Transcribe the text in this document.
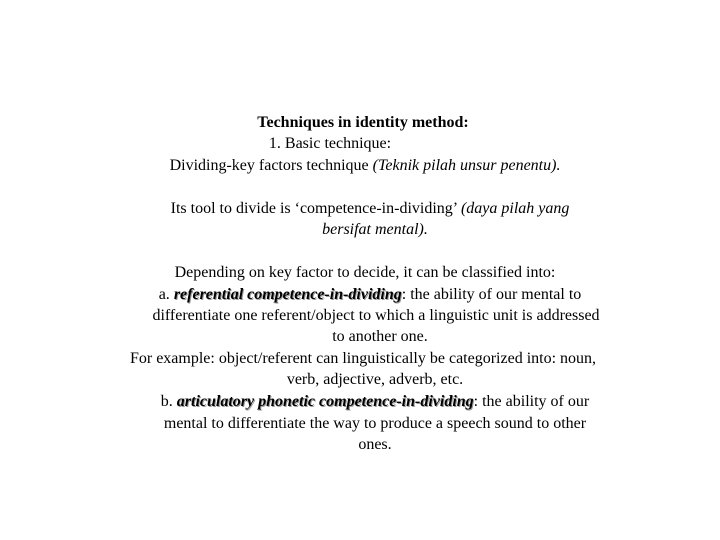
Techniques in identity method:
1. Basic technique:
Dividing-key factors technique (Teknik pilah unsur penentu).
Its tool to divide is ‘competence-in-dividing’ (daya pilah yang
bersifat mental).
Depending on key factor to decide, it can be classified into:
a. referential competence-in-dividing: the ability of our mental to
differentiate one referent/object to which a linguistic unit is addressed
to another one.
For example: object/referent can linguistically be categorized into: noun,
verb, adjective, adverb, etc.
b. articulatory phonetic competence-in-dividing: the ability of our
mental to differentiate the way to produce a speech sound to other
ones.
